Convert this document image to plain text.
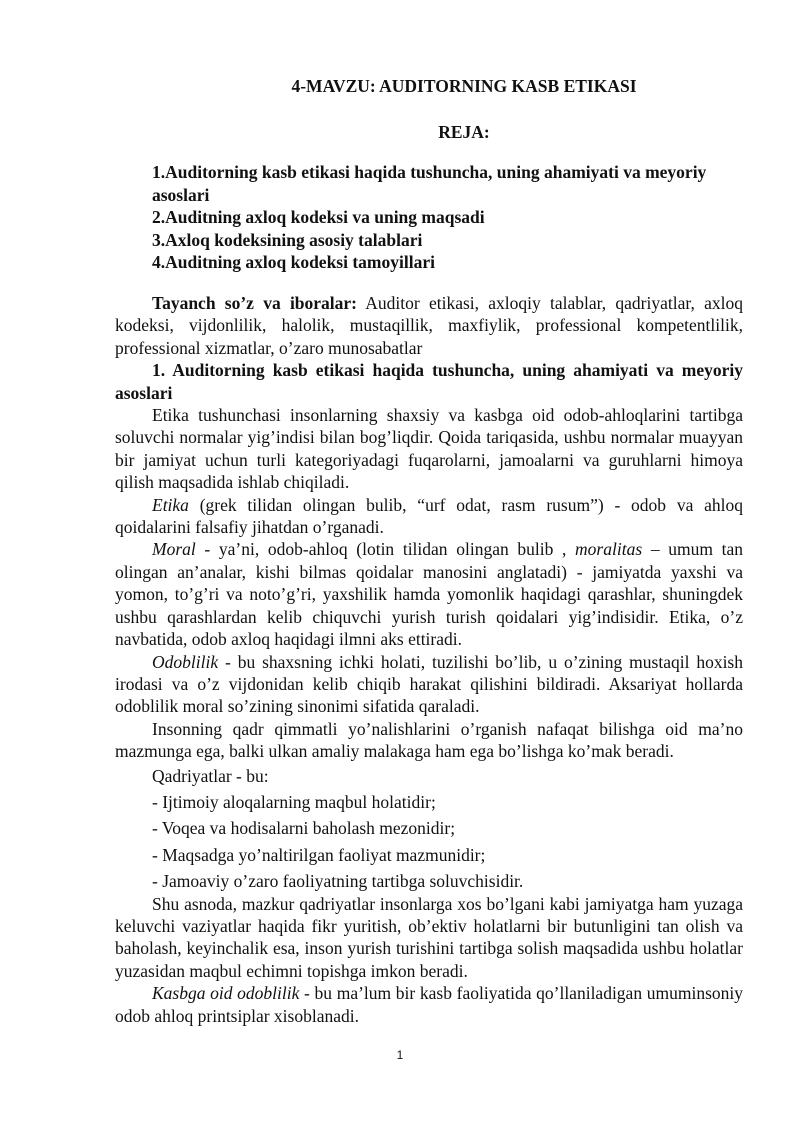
4-MAVZU: AUDITORNING KASB ETIKASI
REJA:
1.Auditorning kasb etikasi haqida tushuncha, uning ahamiyati va meyoriy asoslari
2.Auditning axloq kodeksi va uning maqsadi
3.Axloq kodeksining asosiy talablari
4.Auditning axloq kodeksi tamoyillari

Tayanch so’z va iboralar: Auditor etikasi, axloqiy talablar, qadriyatlar, axloq kodeksi, vijdonlilik, halolik, mustaqillik, maxfiylik, professional kompetentlilik, professional xizmatlar, o’zaro munosabatlar

1. Auditorning kasb etikasi haqida tushuncha, uning ahamiyati va meyoriy asoslari

Etika tushunchasi insonlarning shaxsiy va kasbga oid odob-ahloqlarini tartibga soluvchi normalar yig’indisi bilan bog’liqdir. Qoida tariqasida, ushbu normalar muayyan bir jamiyat uchun turli kategoriyadagi fuqarolarni, jamoalarni va guruhlarni himoya qilish maqsadida ishlab chiqiladi.

Etika (grek tilidan olingan bulib, “urf odat, rasm rusum”) - odob va ahloq qoidalarini falsafiy jihatdan o’rganadi.

Moral - ya’ni, odob-ahloq (lotin tilidan olingan bulib , moralitas – umum tan olingan an’analar, kishi bilmas qoidalar manosini anglatadi) - jamiyatda yaxshi va yomon, to’g’ri va noto’g’ri, yaxshilik hamda yomonlik haqidagi qarashlar, shuningdek ushbu qarashlardan kelib chiquvchi yurish turish qoidalari yig’indisidir. Etika, o’z navbatida, odob axloq haqidagi ilmni aks ettiradi.

Odoblilik - bu shaxsning ichki holati, tuzilishi bo’lib, u o’zining mustaqil hoxish irodasi va o’z vijdonidan kelib chiqib harakat qilishini bildiradi. Aksariyat hollarda odoblilik moral so’zining sinonimi sifatida qaraladi.

Insonning qadr qimmatli yo’nalishlarini o’rganish nafaqat bilishga oid ma’no mazmunga ega, balki ulkan amaliy malakaga ham ega bo’lishga ko’mak beradi.

Qadriyatlar - bu:

- Ijtimoiy aloqalarning maqbul holatidir;

- Voqea va hodisalarni baholash mezonidir;

- Maqsadga yo’naltirilgan faoliyat mazmunidir;

- Jamoaviy o’zaro faoliyatning tartibga soluvchisidir.

Shu asnoda, mazkur qadriyatlar insonlarga xos bo’lgani kabi jamiyatga ham yuzaga keluvchi vaziyatlar haqida fikr yuritish, ob’ektiv holatlarni bir butunligini tan olish va baholash, keyinchalik esa, inson yurish turishini tartibga solish maqsadida ushbu holatlar yuzasidan maqbul echimni topishga imkon beradi.

Kasbga oid odoblilik - bu ma’lum bir kasb faoliyatida qo’llaniladigan umuminsoniy odob ahloq printsiplar xisoblanadi.

1
